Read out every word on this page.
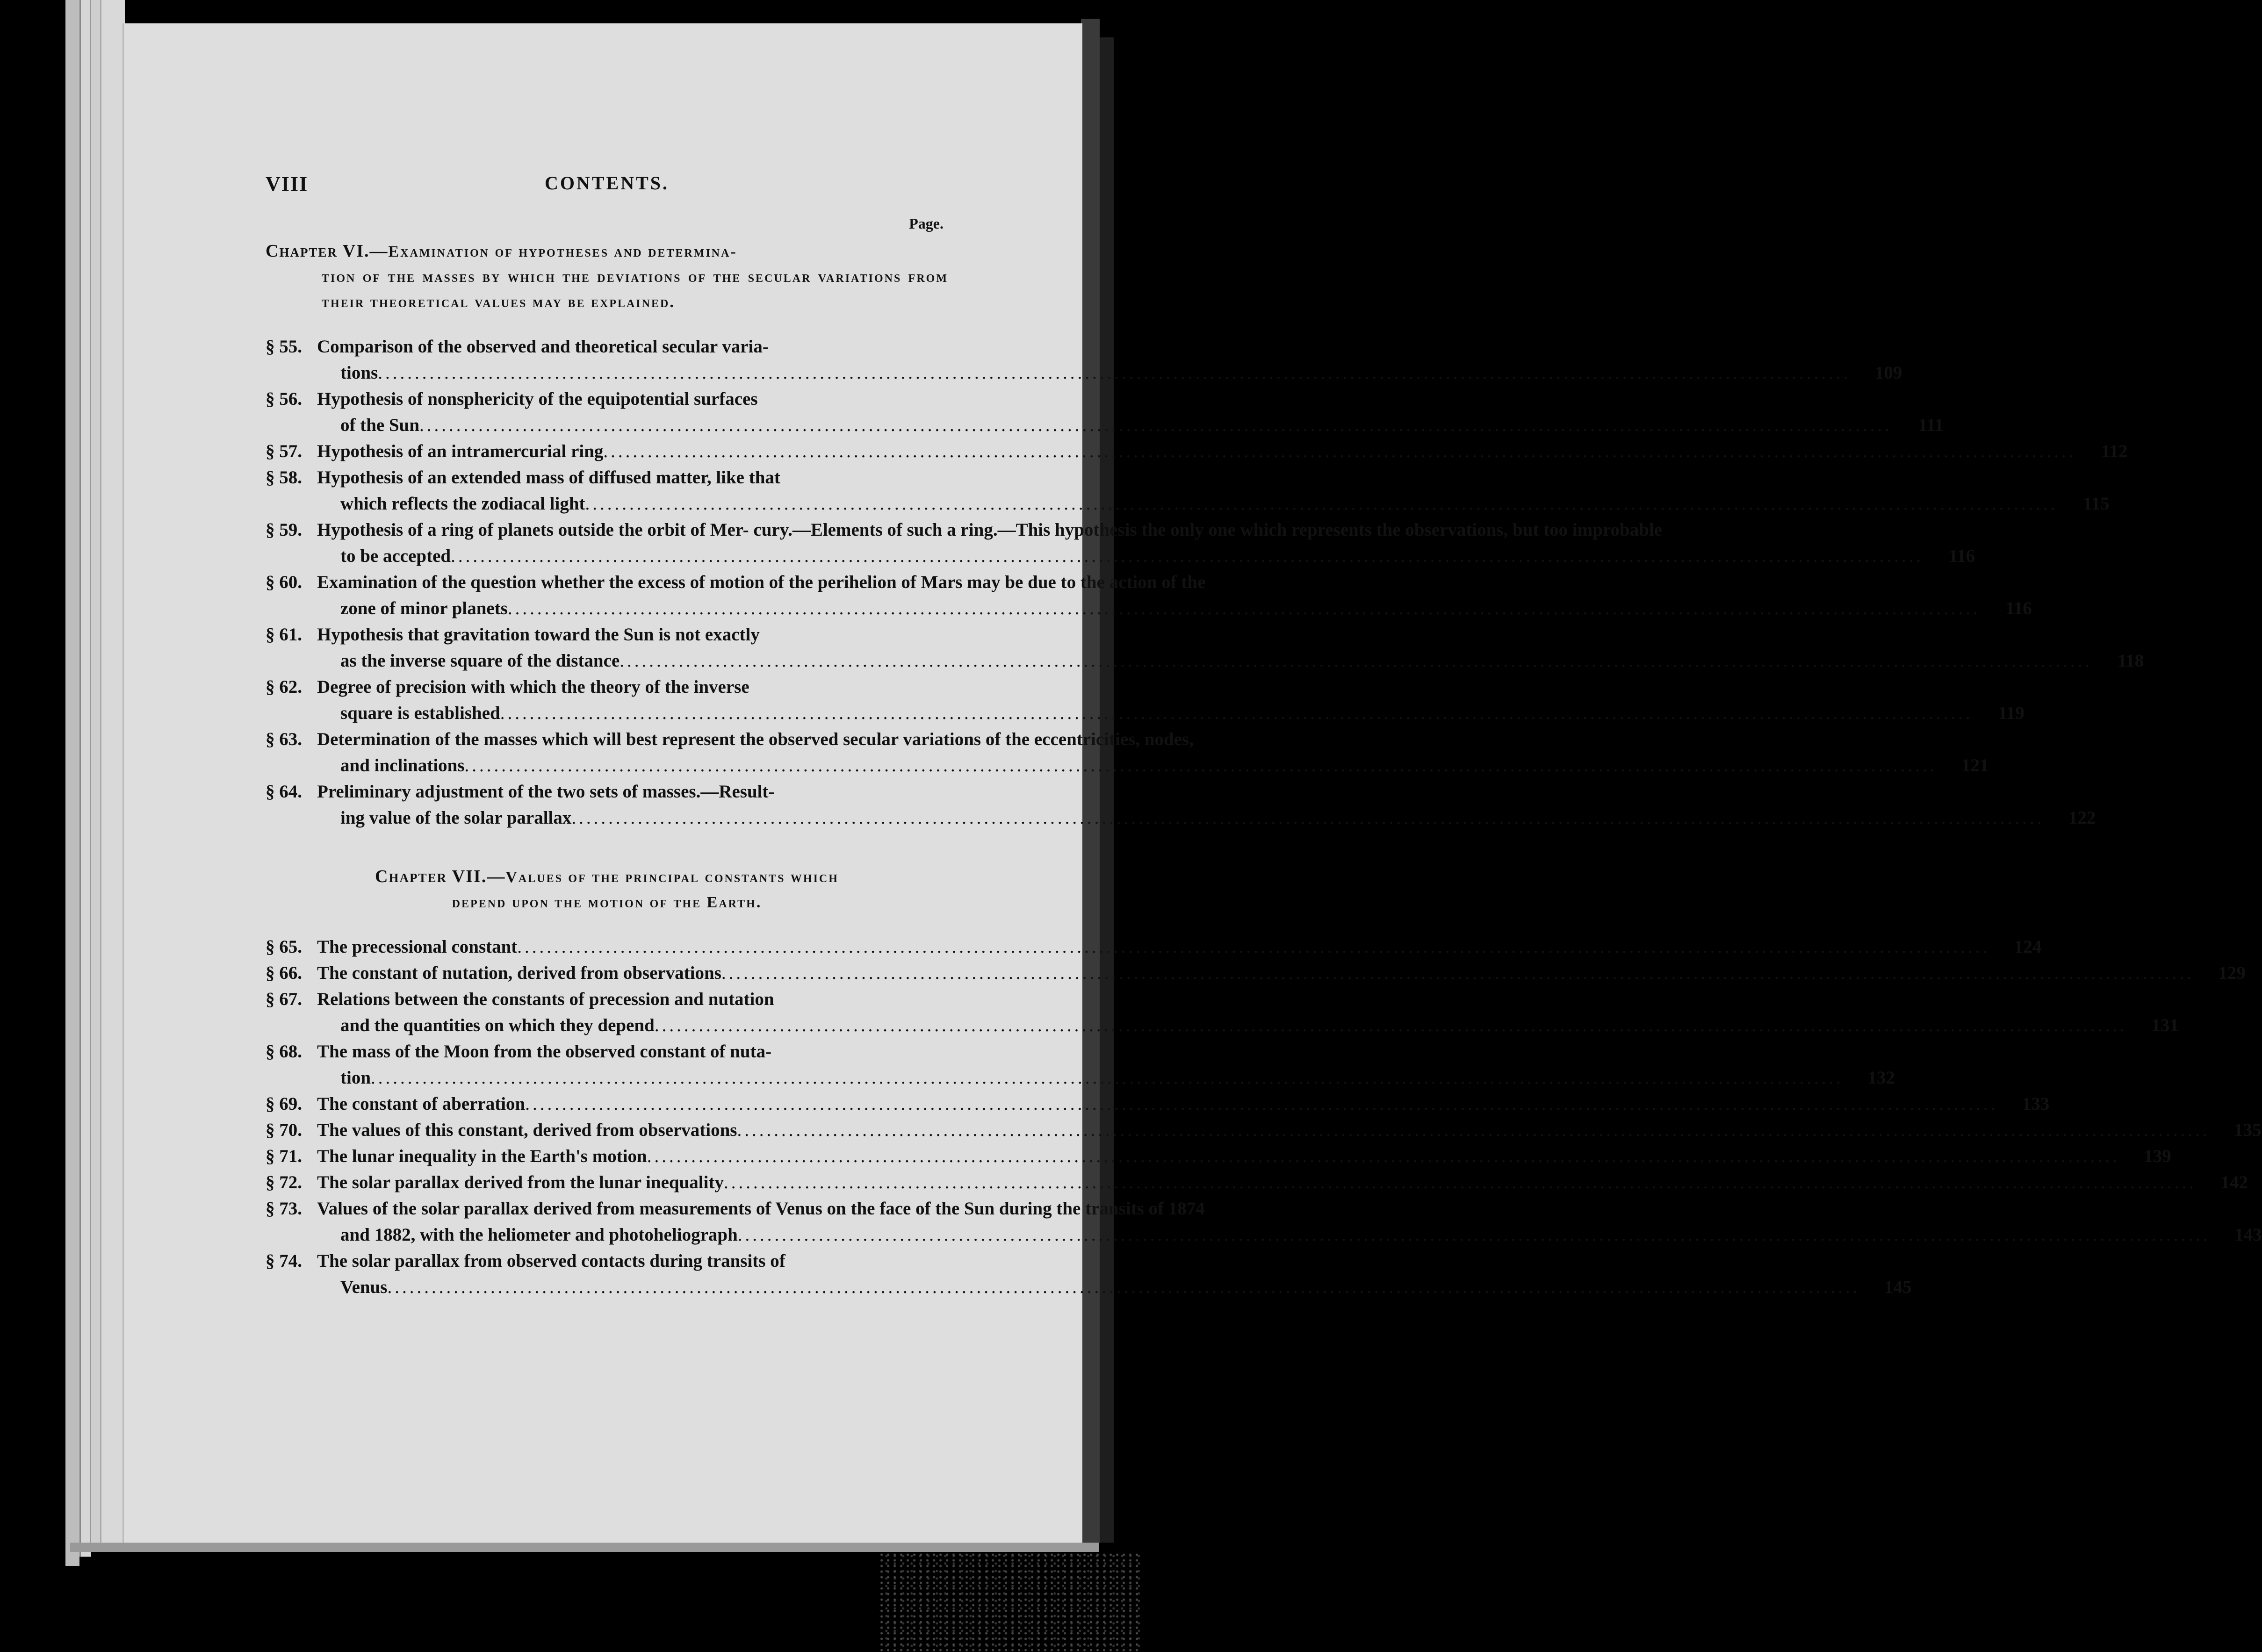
VIII	CONTENTS.
Page.
Chapter VI.—Examination of hypotheses and determina-
tion of the masses by which the deviations of the secular variations from their theoretical values may be explained.
§ 55. Comparison of the observed and theoretical secular varia-
tions ........................................................................................................................................................................................................	109
§ 56. Hypothesis of nonsphericity of the equipotential surfaces
of the Sun ........................................................................................................................................................................................................	111
§ 57. Hypothesis of an intramercurial ring ........................................................................................................................................................................................................	112
§ 58. Hypothesis of an extended mass of diffused matter, like that
which reflects the zodiacal light ........................................................................................................................................................................................................	115
§ 59. Hypothesis of a ring of planets outside the orbit of Mer- cury.—Elements of such a ring.—This hypothesis the only one which represents the observations, but too improbable
to be accepted ........................................................................................................................................................................................................	116
§ 60. Examination of the question whether the excess of motion of the perihelion of Mars may be due to the action of the
zone of minor planets ........................................................................................................................................................................................................	116
§ 61. Hypothesis that gravitation toward the Sun is not exactly
as the inverse square of the distance ........................................................................................................................................................................................................	118
§ 62. Degree of precision with which the theory of the inverse
square is established ........................................................................................................................................................................................................	119
§ 63. Determination of the masses which will best represent the observed secular variations of the eccentricities, nodes,
and inclinations ........................................................................................................................................................................................................	121
§ 64. Preliminary adjustment of the two sets of masses.—Result-
ing value of the solar parallax ........................................................................................................................................................................................................	122
Chapter VII.—Values of the principal constants which
depend upon the motion of the Earth.
§ 65. The precessional constant ........................................................................................................................................................................................................	124
§ 66. The constant of nutation, derived from observations ........................................................................................................................................................................................................	129
§ 67. Relations between the constants of precession and nutation
and the quantities on which they depend ........................................................................................................................................................................................................	131
§ 68. The mass of the Moon from the observed constant of nuta-
tion ........................................................................................................................................................................................................	132
§ 69. The constant of aberration ........................................................................................................................................................................................................	133
§ 70. The values of this constant, derived from observations ........................................................................................................................................................................................................	135
§ 71. The lunar inequality in the Earth's motion ........................................................................................................................................................................................................	139
§ 72. The solar parallax derived from the lunar inequality ........................................................................................................................................................................................................	142
§ 73. Values of the solar parallax derived from measurements of Venus on the face of the Sun during the transits of 1874
and 1882, with the heliometer and photoheliograph ........................................................................................................................................................................................................	143
§ 74. The solar parallax from observed contacts during transits of
Venus ........................................................................................................................................................................................................	145
